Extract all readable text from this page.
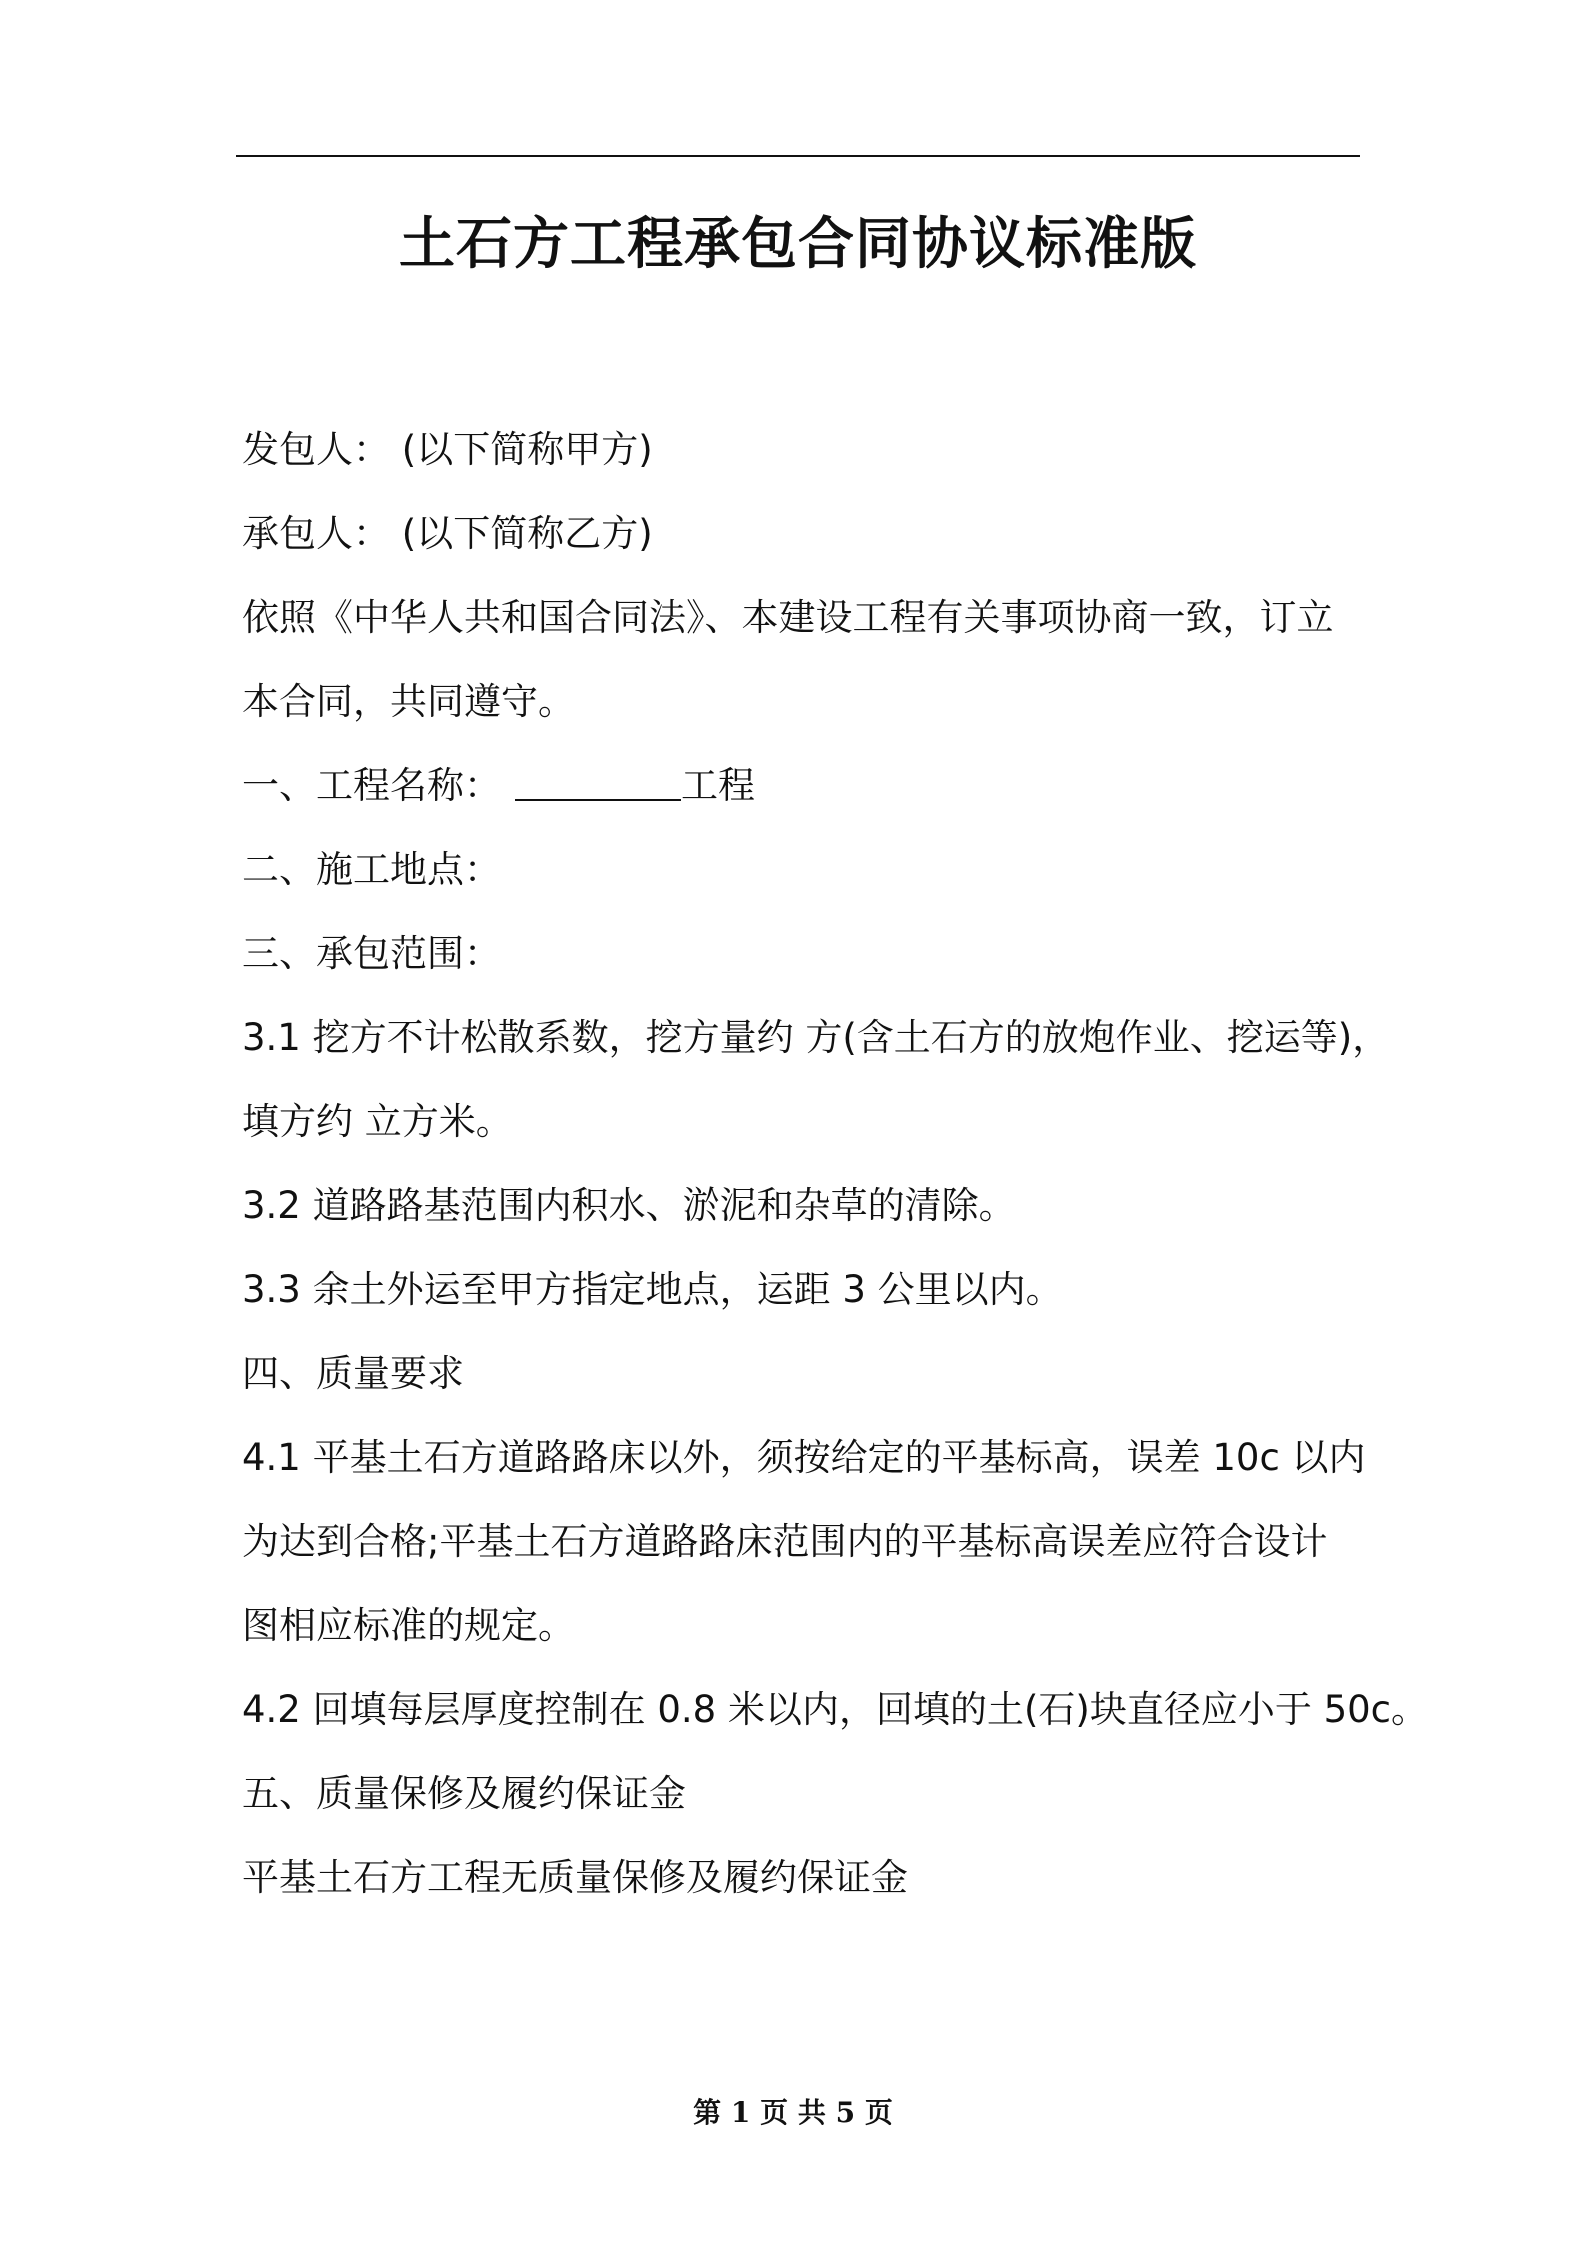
土石方工程承包合同协议标准版
发包人： (以下简称甲方)
承包人： (以下简称乙方)
依照《中华人共和国合同法》、本建设工程有关事项协商一致，订立
本合同，共同遵守。
一、工程名称：	工程
二、施工地点：
三、承包范围：
3.1 挖方不计松散系数，挖方量约 方(含土石方的放炮作业、挖运等)，
填方约 立方米。
3.2 道路路基范围内积水、淤泥和杂草的清除。
3.3 余土外运至甲方指定地点，运距 3 公里以内。
四、质量要求
4.1 平基土石方道路路床以外，须按给定的平基标高，误差 10c 以内
为达到合格;平基土石方道路路床范围内的平基标高误差应符合设计
图相应标准的规定。
4.2 回填每层厚度控制在 0.8 米以内，回填的土(石)块直径应小于 50c。
五、质量保修及履约保证金
平基土石方工程无质量保修及履约保证金
第 1 页 共 5 页
